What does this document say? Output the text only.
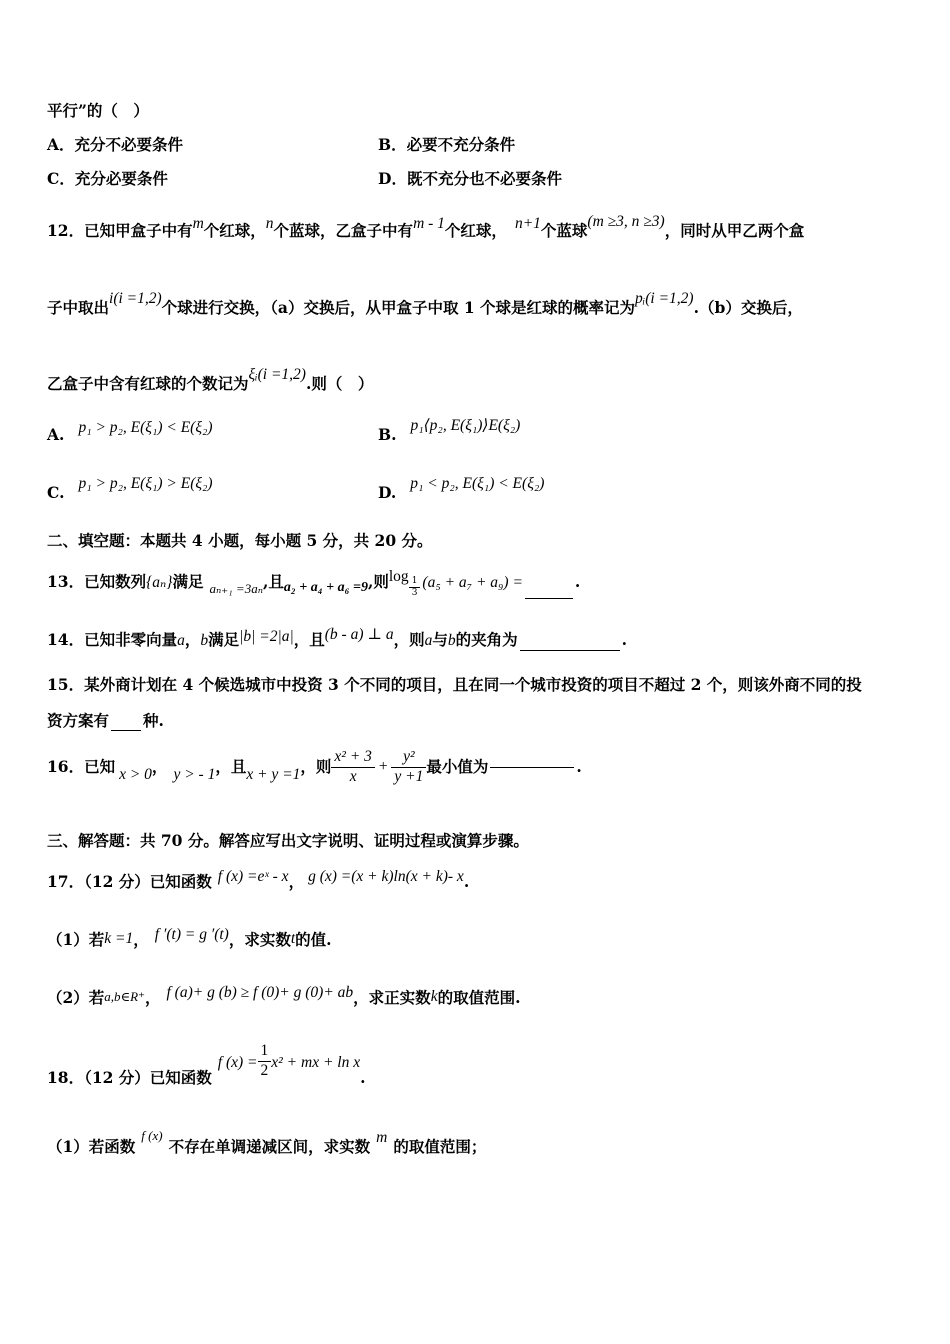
平行”的（　）
A．充分不必要条件	B．必要不充分条件
C．充分必要条件	D．既不充分也不必要条件
12．已知甲盒子中有m个红球，n个蓝球，乙盒子中有m - 1个红球， n+1个蓝球(m ≥3, n ≥3)，同时从甲乙两个盒
子中取出i(i =1,2)个球进行交换，（a）交换后，从甲盒子中取 1 个球是红球的概率记为pᵢ(i =1,2).（b）交换后，
乙盒子中含有红球的个数记为ξᵢ(i =1,2).则（　）
A. p₁ > p₂, E(ξ₁) < E(ξ₂)	B. p₁⟨p₂, E(ξ₁)⟩E(ξ₂)
C. p₁ > p₂, E(ξ₁) > E(ξ₂)	D. p₁ < p₂, E(ξ₁) < E(ξ₂)
二、填空题：本题共 4 小题，每小题 5 分，共 20 分。
13．已知数列{aₙ}满足 $_{a_{n+1} =3a_n}$,且a₂ + a₄ + a₆ =9,则$\log \frac{1}{3} (a_5 + a_7 + a_9)$ =	.
14．已知非零向量a，b满足|b| =2|a|，且(b - a) ⊥ a，则a与b的夹角为	.
15．某外商计划在 4 个候选城市中投资 3 个不同的项目，且在同一个城市投资的项目不超过 2 个，则该外商不同的投
资方案有 种.
16．已知 x > 0， y > - 1，且x + y =1，则 $\frac{\text{x² + 3}}{x} + \frac{\text{y²}}{y +1}$ 最小值为	.
三、解答题：共 70 分。解答应写出文字说明、证明过程或演算步骤。
17．（12 分）已知函数 f (x) =eˣ - x， g (x) =(x + k)ln(x + k)- x.
（1）若k =1， f ′(t) = g ′(t)，求实数t的值.
（2）若a,b∈R⁺， f (a)+ g (b) ≥ f (0)+ g (0)+ ab，求正实数k的取值范围.
18．（12 分）已知函数f $(x) = \frac{1}{2} x^2$ + mx + ln x.
（1）若函数$^{f (x)}$不存在单调递减区间，求实数 m 的取值范围；
